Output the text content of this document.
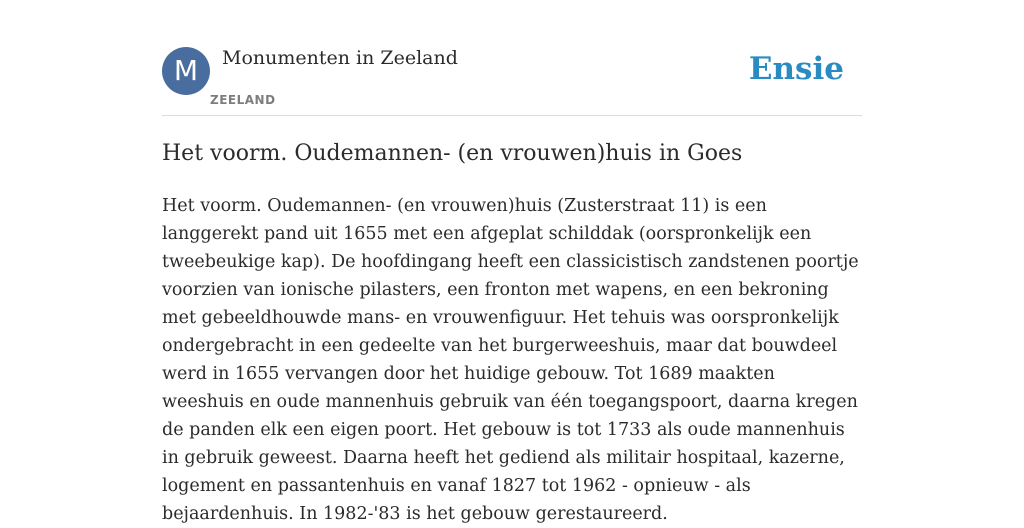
M	Monumenten in Zeeland
ZEELAND
Ensie
Het voorm. Oudemannen- (en vrouwen)huis in Goes

Het voorm. Oudemannen- (en vrouwen)huis (Zusterstraat 11) is een langgerekt pand uit 1655 met een afgeplat schilddak (oorspronkelijk een tweebeukige kap). De hoofdingang heeft een classicistisch zandstenen poortje voorzien van ionische pilasters, een fronton met wapens, en een bekroning met gebeeldhouwde mans- en vrouwenfiguur. Het tehuis was oorspronkelijk ondergebracht in een gedeelte van het burgerweeshuis, maar dat bouwdeel werd in 1655 vervangen door het huidige gebouw. Tot 1689 maakten weeshuis en oude mannenhuis gebruik van één toegangspoort, daarna kregen de panden elk een eigen poort. Het gebouw is tot 1733 als oude mannenhuis in gebruik geweest. Daarna heeft het gediend als militair hospitaal, kazerne, logement en passantenhuis en vanaf 1827 tot 1962 - opnieuw - als bejaardenhuis. In 1982-'83 is het gebouw gerestaureerd.
